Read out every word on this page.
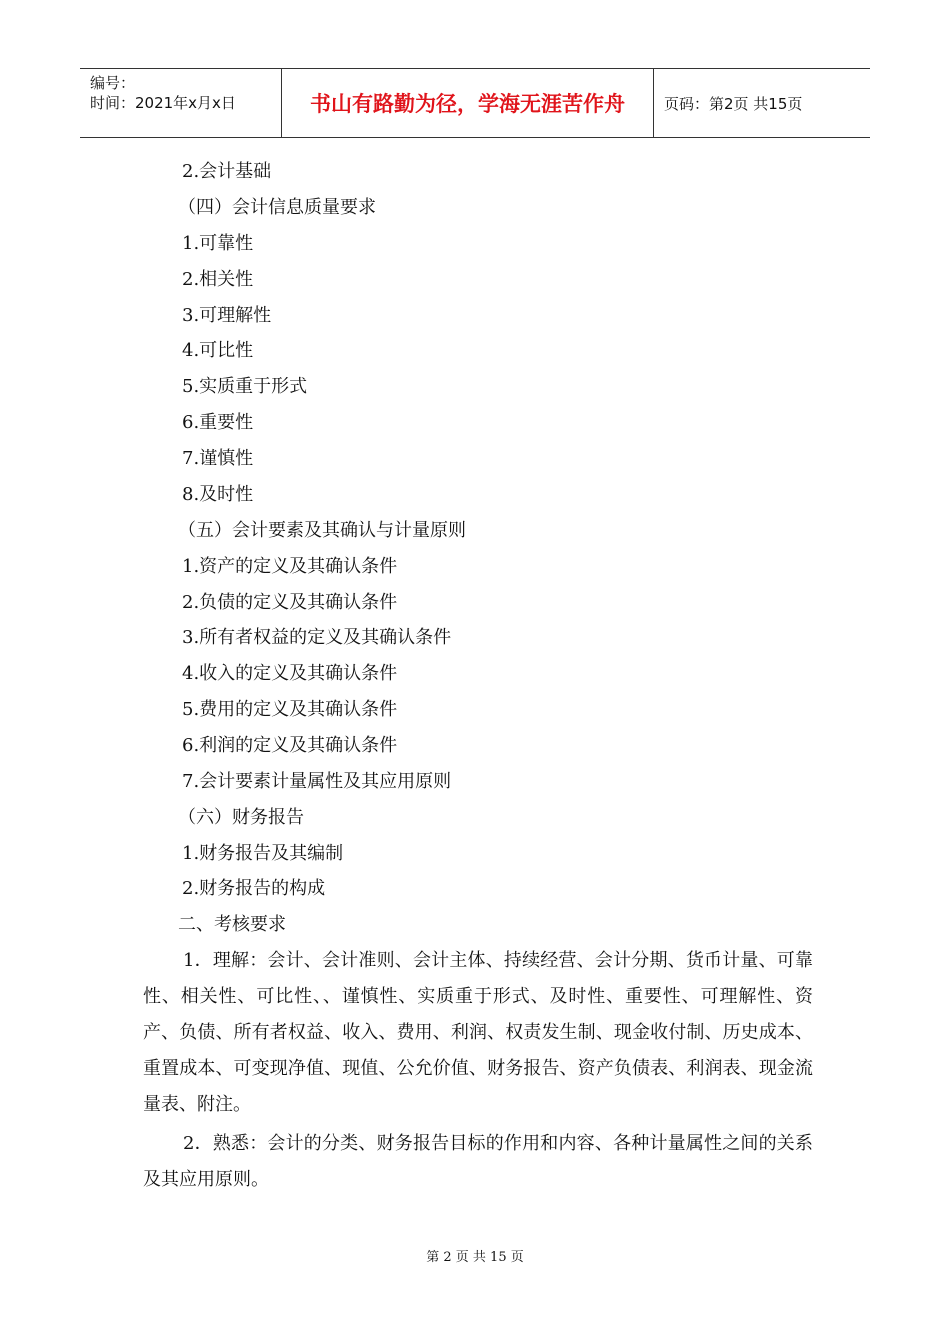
编号：
时间：2021年x月x日	书山有路勤为径，学海无涯苦作舟	页码：第2页 共15页
2.会计基础
（四）会计信息质量要求
1.可靠性
2.相关性
3.可理解性
4.可比性
5.实质重于形式
6.重要性
7.谨慎性
8.及时性
（五）会计要素及其确认与计量原则
1.资产的定义及其确认条件
2.负债的定义及其确认条件
3.所有者权益的定义及其确认条件
4.收入的定义及其确认条件
5.费用的定义及其确认条件
6.利润的定义及其确认条件
7.会计要素计量属性及其应用原则
（六）财务报告
1.财务报告及其编制
2.财务报告的构成
二、考核要求
1．理解：会计、会计准则、会计主体、持续经营、会计分期、货币计量、可靠性、相关性、可比性、、谨慎性、实质重于形式、及时性、重要性、可理解性、资产、负债、所有者权益、收入、费用、利润、权责发生制、现金收付制、历史成本、重置成本、可变现净值、现值、公允价值、财务报告、资产负债表、利润表、现金流量表、附注。
2．熟悉：会计的分类、财务报告目标的作用和内容、各种计量属性之间的关系及其应用原则。
第 2 页 共 15 页
